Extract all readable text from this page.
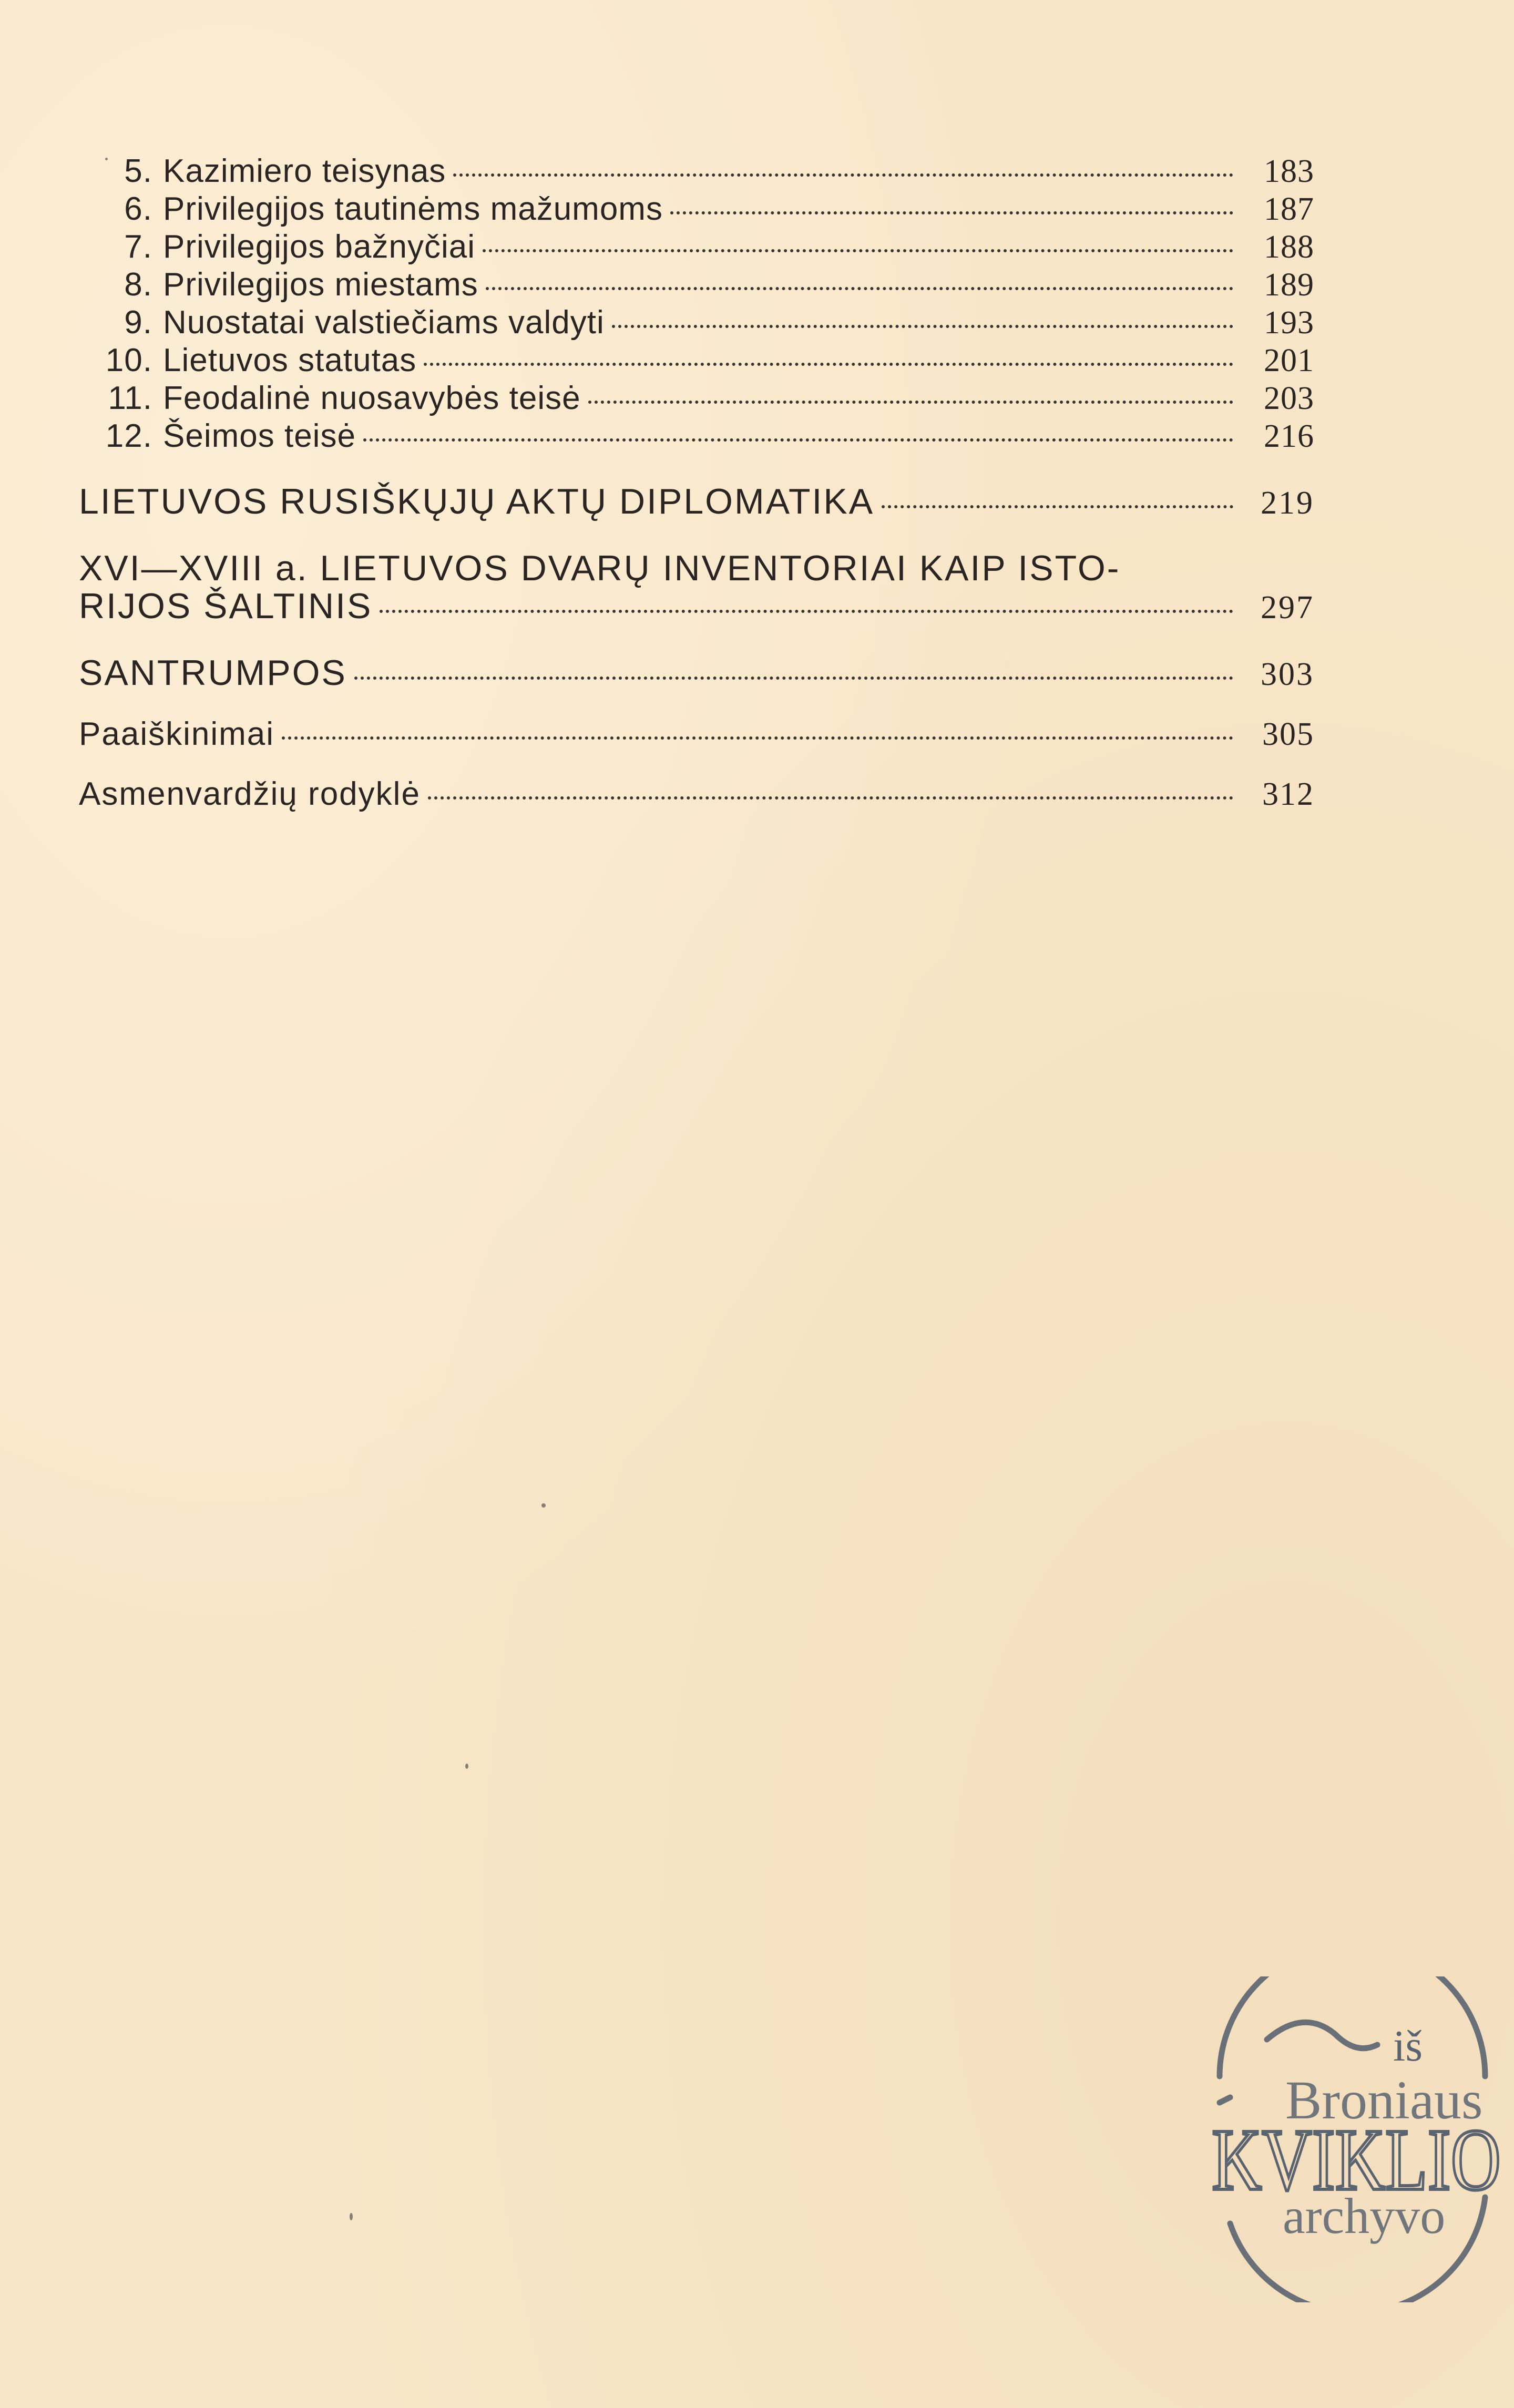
5. Kazimiero teisynas	183
6. Privilegijos tautinėms mažumoms	187
7. Privilegijos bažnyčiai	188
8. Privilegijos miestams	189
9. Nuostatai valstiečiams valdyti	193
10. Lietuvos statutas	201
11. Feodalinė nuosavybės teisė	203
12. Šeimos teisė	216
LIETUVOS RUSIŠKŲJŲ AKTŲ DIPLOMATIKA	219
XVI—XVIII a. LIETUVOS DVARŲ INVENTORIAI KAIP ISTO-
RIJOS ŠALTINIS	297
SANTRUMPOS	303
Paaiškinimai	305
Asmenvardžių rodyklė	312
iš
Broniaus
KVIKLIO
archyvo
